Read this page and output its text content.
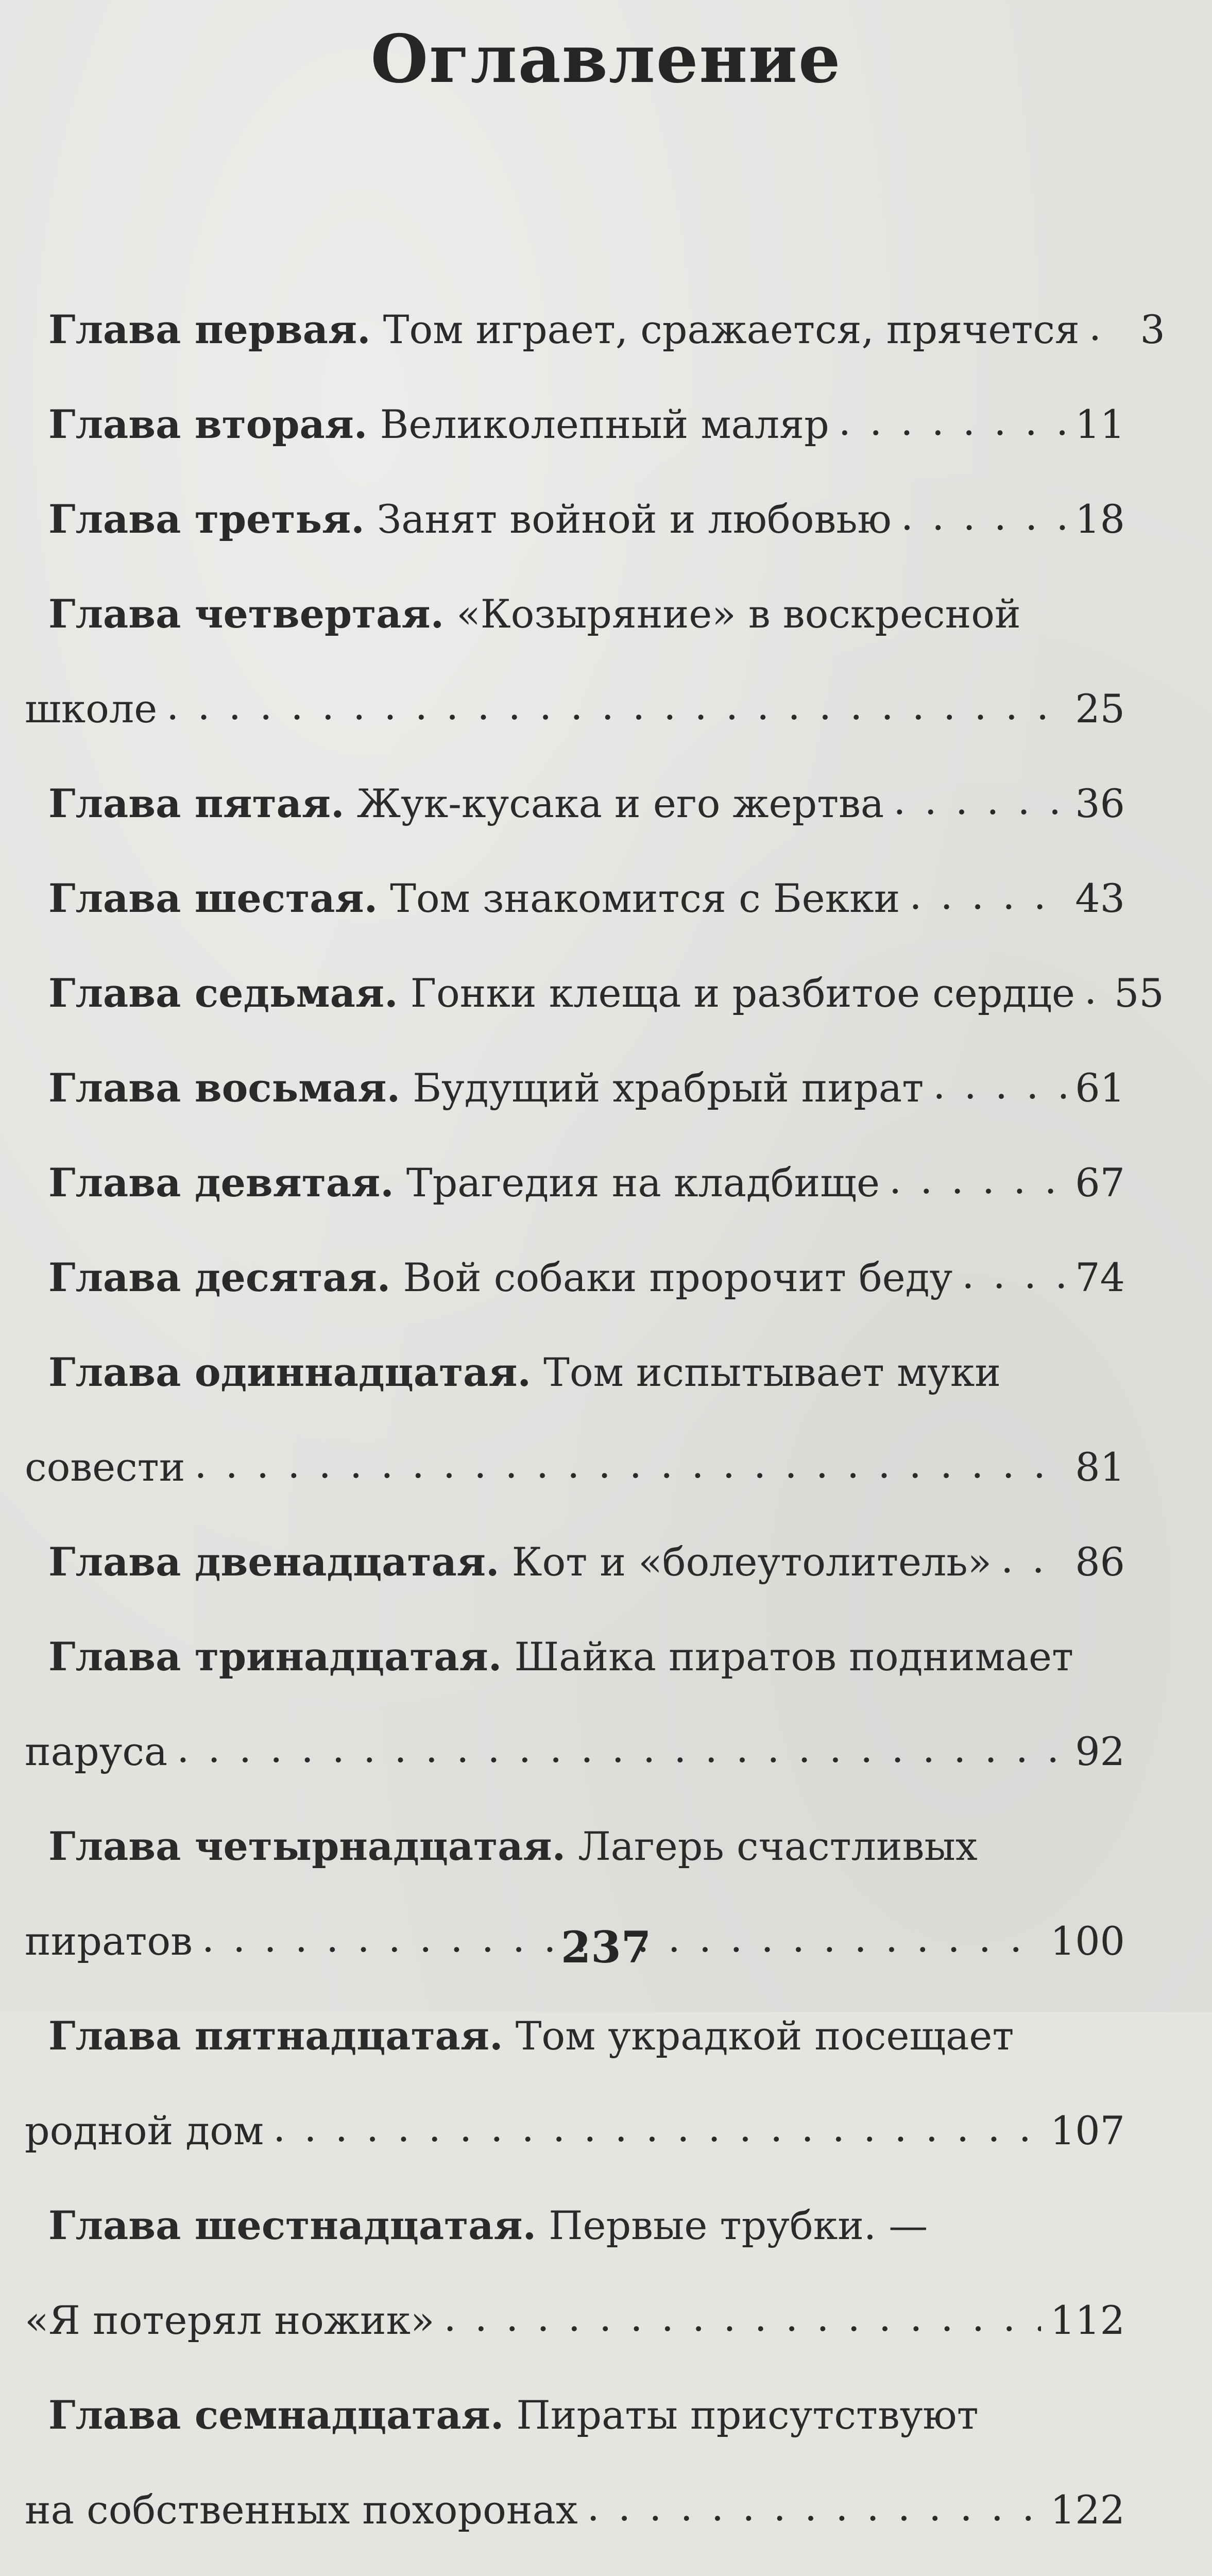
Оглавление
Глава первая. Том играет, сражается, прячется . . .	3
Глава вторая. Великолепный маляр . . .	11
Глава третья. Занят войной и любовью . . .	18
Глава четвертая. «Козыряние» в воскресной
школе . . .	25
Глава пятая. Жук-кусака и его жертва . . .	36
Глава шестая. Том знакомится с Бекки . . .	43
Глава седьмая. Гонки клеща и разбитое сердце . . . 55
Глава восьмая. Будущий храбрый пират . . .	61
Глава девятая. Трагедия на кладбище . . .	67
Глава десятая. Вой собаки пророчит беду . . .	74
Глава одиннадцатая. Том испытывает муки
совести . . .	81
Глава двенадцатая. Кот и «болеутолитель» . . . 86
Глава тринадцатая. Шайка пиратов поднимает
паруса . . .	92
Глава четырнадцатая. Лагерь счастливых
пиратов . . .	100
Глава пятнадцатая. Том украдкой посещает
родной дом . . .	107
Глава шестнадцатая. Первые трубки. —
«Я потерял ножик» . . .	112
Глава семнадцатая. Пираты присутствуют
на собственных похоронах . . .	122
237
